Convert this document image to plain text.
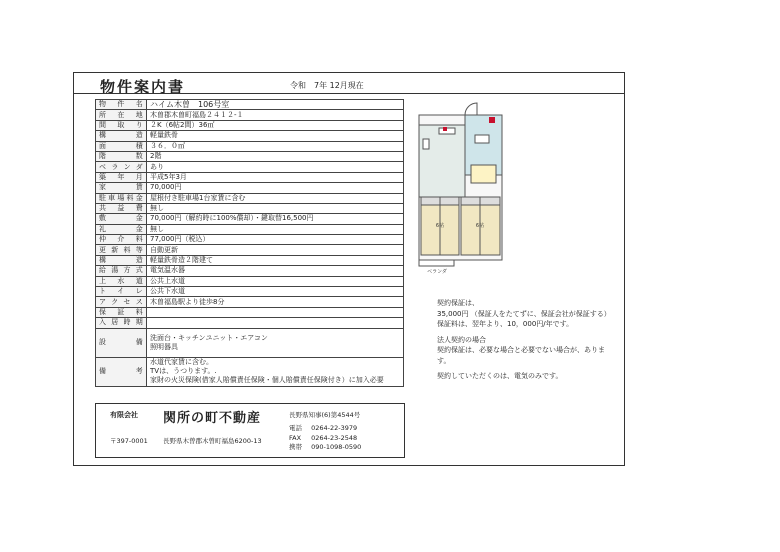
物件案内書	令和　7年 12月現在
物　件　名	ハイム木曽　106号室
所在地	木曽郡木曽町福島２４１２-１
間取り	２K（6帖2間）36㎡
構造	軽量鉄骨
面積	３６．０㎡
階数	2階
ベランダ	あり
築年月	平成5年3月
家賃	70,000円
駐車場料金	屋根付き駐車場1台家賃に含む
共益費	無し
敷金	70,000円（解約時に100%償却）・鍵取替16,500円
礼金	無し
仲介料	77,000円（税込）
更新料等	自動更新
構造	軽量鉄骨造２階建て
給湯方式	電気温水器
上水道	公共上水道
トイレ	公共下水道
アクセス	木曽福島駅より徒歩8分
保証料	
入居時期	
設　　　備	洗面台・キッチンユニット・エアコン
照明器具

備　　　考	水道代家賃に含む。
TVは、うつります。.
家財の火災保険(借家人賠償責任保険・個人賠償責任保険付き）に加入必要
6帖	6帖
ベランダ

契約保証は、
35,000円 （保証人をたてずに、保証会社が保証する）
保証料は、翌年より、10，000円/年です。

法人契約の場合
契約保証は、必要な場合と必要でない場合が、ありま
す。

契約していただくのは、電気のみです。

有限会社 関所の町不動産	長野県知事(6)第4544号
電話 0264-22-3979
FAX 0264-23-2548
携帯 090-1098-0590
〒397-0001 長野県木曽郡木曽町福島6200-13
